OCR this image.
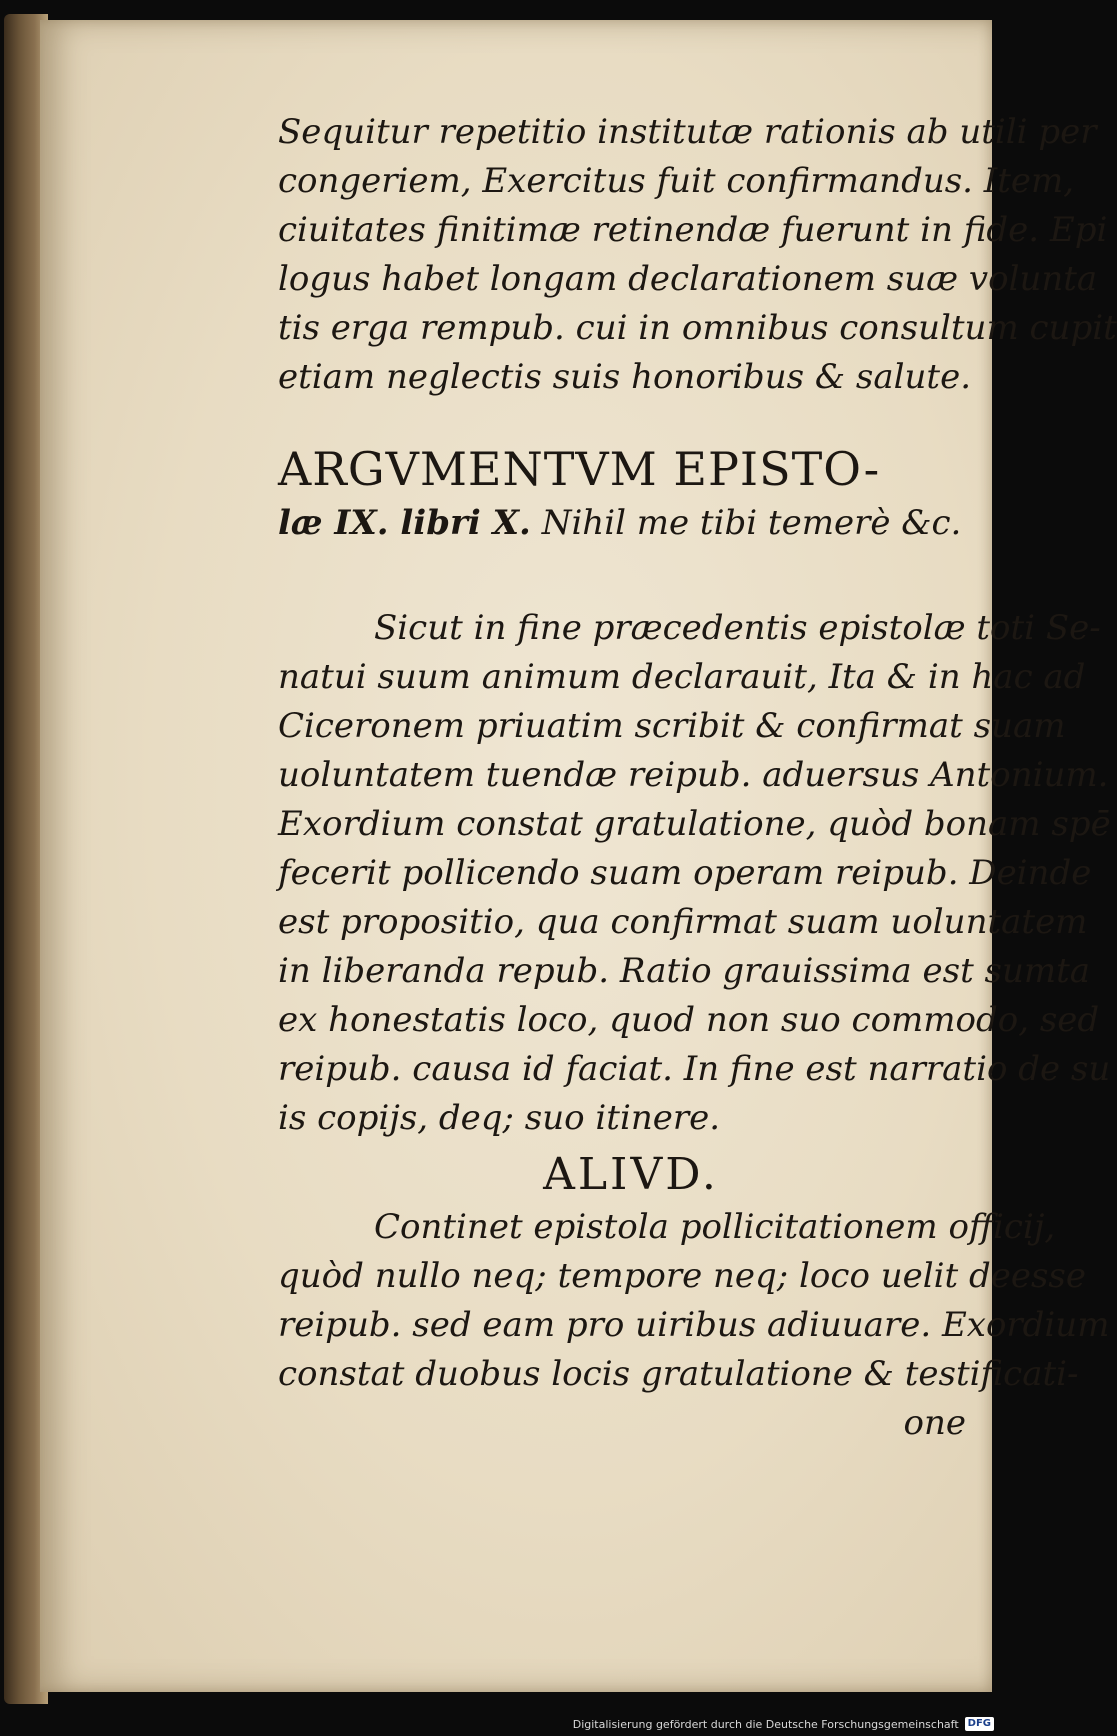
Sequitur repetitio institutæ rationis ab utili per
congeriem, Exercitus fuit confirmandus. Item,
ciuitates finitimæ retinendæ fuerunt in fide. Epi
logus habet longam declarationem suæ volunta
tis erga rempub. cui in omnibus consultum cupit
etiam neglectis suis honoribus & salute.

ARGVMENTVM EPISTO-
læ IX. libri X. Nihil me tibi temerè &c.

Sicut in fine præcedentis epistolæ toti Se-
natui suum animum declarauit, Ita & in hac ad
Ciceronem priuatim scribit & confirmat suam
uoluntatem tuendæ reipub. aduersus Antonium.
Exordium constat gratulatione, quòd bonam spē
fecerit pollicendo suam operam reipub. Deinde
est propositio, qua confirmat suam uoluntatem
in liberanda repub. Ratio grauissima est sumta
ex honestatis loco, quod non suo commodo, sed
reipub. causa id faciat. In fine est narratio de su
is copijs, deq; suo itinere.

ALIVD.

Continet epistola pollicitationem officij,
quòd nullo neq; tempore neq; loco uelit deesse
reipub. sed eam pro uiribus adiuuare. Exordium
constat duobus locis gratulatione & testificati-
one

Digitalisierung gefördert durch die Deutsche Forschungsgemeinschaft DFG
